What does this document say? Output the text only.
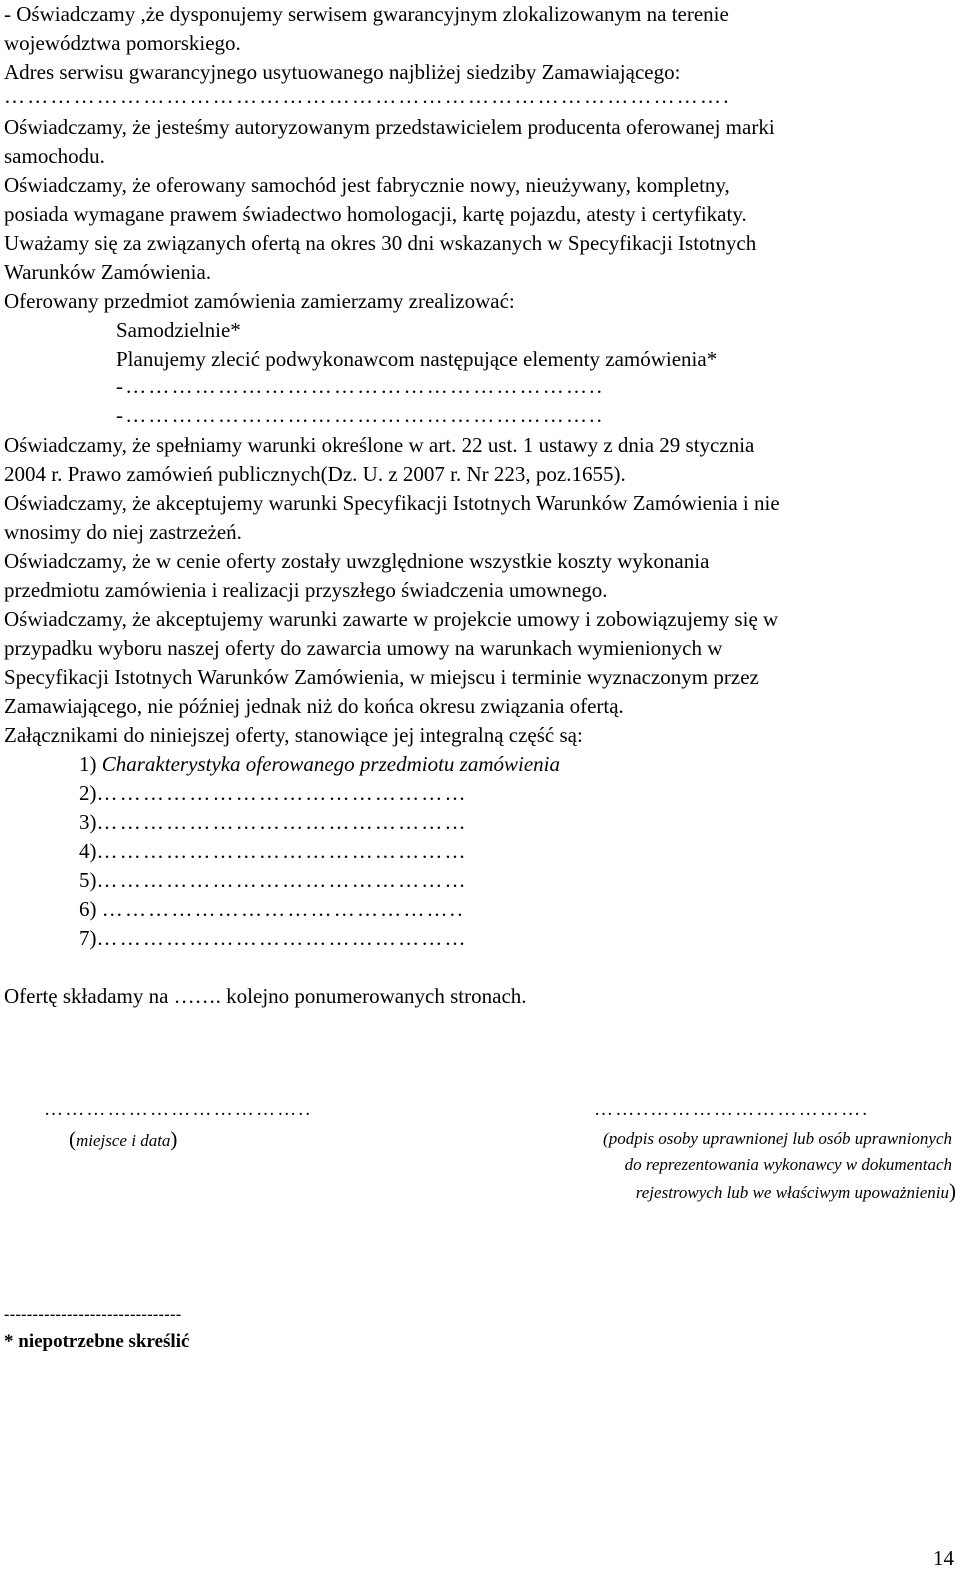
- Oświadczamy ,że dysponujemy serwisem gwarancyjnym zlokalizowanym na terenie
województwa pomorskiego.
Adres serwisu gwarancyjnego usytuowanego najbliżej siedziby Zamawiającego:
………………………………………………………………………………….
Oświadczamy, że jesteśmy autoryzowanym przedstawicielem producenta oferowanej marki
samochodu.
Oświadczamy, że oferowany samochód jest fabrycznie nowy, nieużywany, kompletny,
posiada wymagane prawem świadectwo homologacji, kartę pojazdu, atesty i certyfikaty.
Uważamy się za związanych ofertą na okres 30 dni wskazanych w Specyfikacji Istotnych
Warunków Zamówienia.
Oferowany przedmiot zamówienia zamierzamy zrealizować:
Samodzielnie*
Planujemy zlecić podwykonawcom następujące elementy zamówienia*
-……………………………………………………..
-……………………………………………………..
Oświadczamy, że spełniamy warunki określone w art. 22 ust. 1 ustawy z dnia 29 stycznia
2004 r. Prawo zamówień publicznych(Dz. U. z 2007 r. Nr 223, poz.1655).
Oświadczamy, że akceptujemy warunki Specyfikacji Istotnych Warunków Zamówienia i nie
wnosimy do niej zastrzeżeń.
Oświadczamy, że w cenie oferty zostały uwzględnione wszystkie koszty wykonania
przedmiotu zamówienia i realizacji przyszłego świadczenia umownego.
Oświadczamy, że akceptujemy warunki zawarte w projekcie umowy i zobowiązujemy się w
przypadku wyboru naszej oferty do zawarcia umowy na warunkach wymienionych w
Specyfikacji Istotnych Warunków Zamówienia, w miejscu i terminie wyznaczonym przez
Zamawiającego, nie później jednak niż do końca okresu związania ofertą.
Załącznikami do niniejszej oferty, stanowiące jej integralną część są:
1) Charakterystyka oferowanego przedmiotu zamówienia
2)…………………………………………
3)…………………………………………
4)…………………………………………
5)…………………………………………
6) ………………………………………..
7)…………………………………………
Ofertę składamy na ……. kolejno ponumerowanych stronach.
………………………………..
(miejsce i data)
……..………………………….
(podpis osoby uprawnionej lub osób uprawnionych
do reprezentowania wykonawcy w dokumentach
rejestrowych lub we właściwym upoważnieniu)
-------------------------------
* niepotrzebne skreślić
14
